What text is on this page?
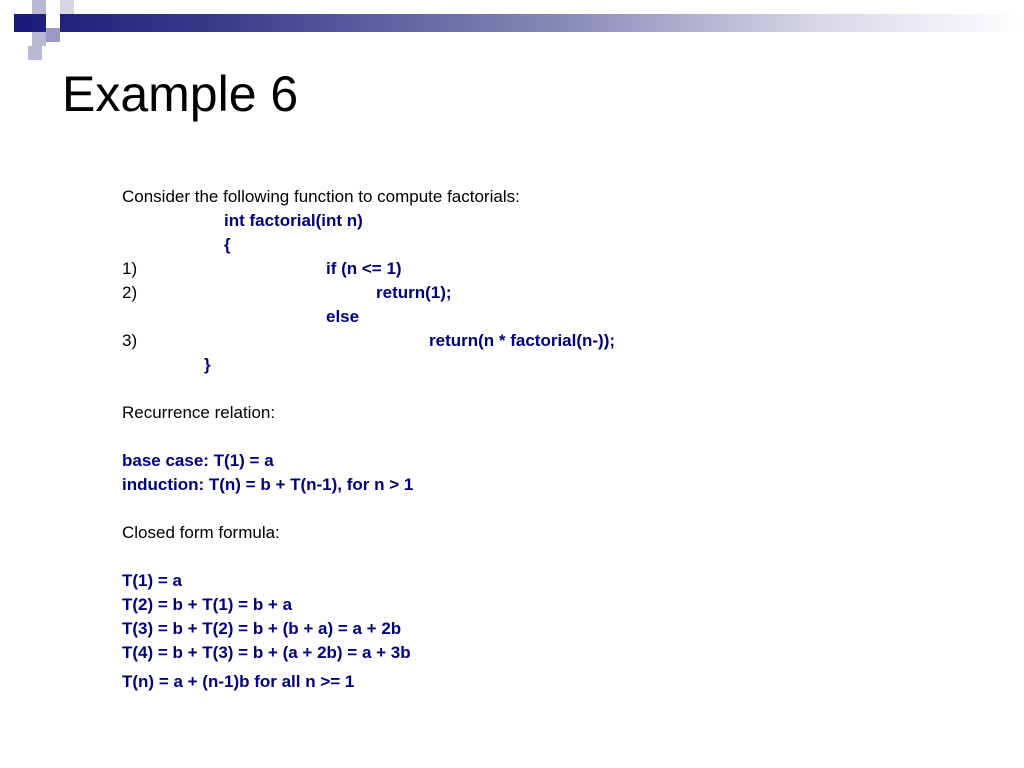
Example 6
Consider the following function to compute factorials:
int factorial(int n)
{
1)	if (n <= 1)
2)	return(1);
else
3)	return(n * factorial(n-));
}
Recurrence relation:
base case: T(1) = a
induction: T(n) = b + T(n-1), for n > 1
Closed form formula:
T(1) = a
T(2) = b + T(1) = b + a
T(3) = b + T(2) = b + (b + a) = a + 2b
T(4) = b + T(3) = b + (a + 2b) = a + 3b
T(n) = a + (n-1)b for all n >= 1
